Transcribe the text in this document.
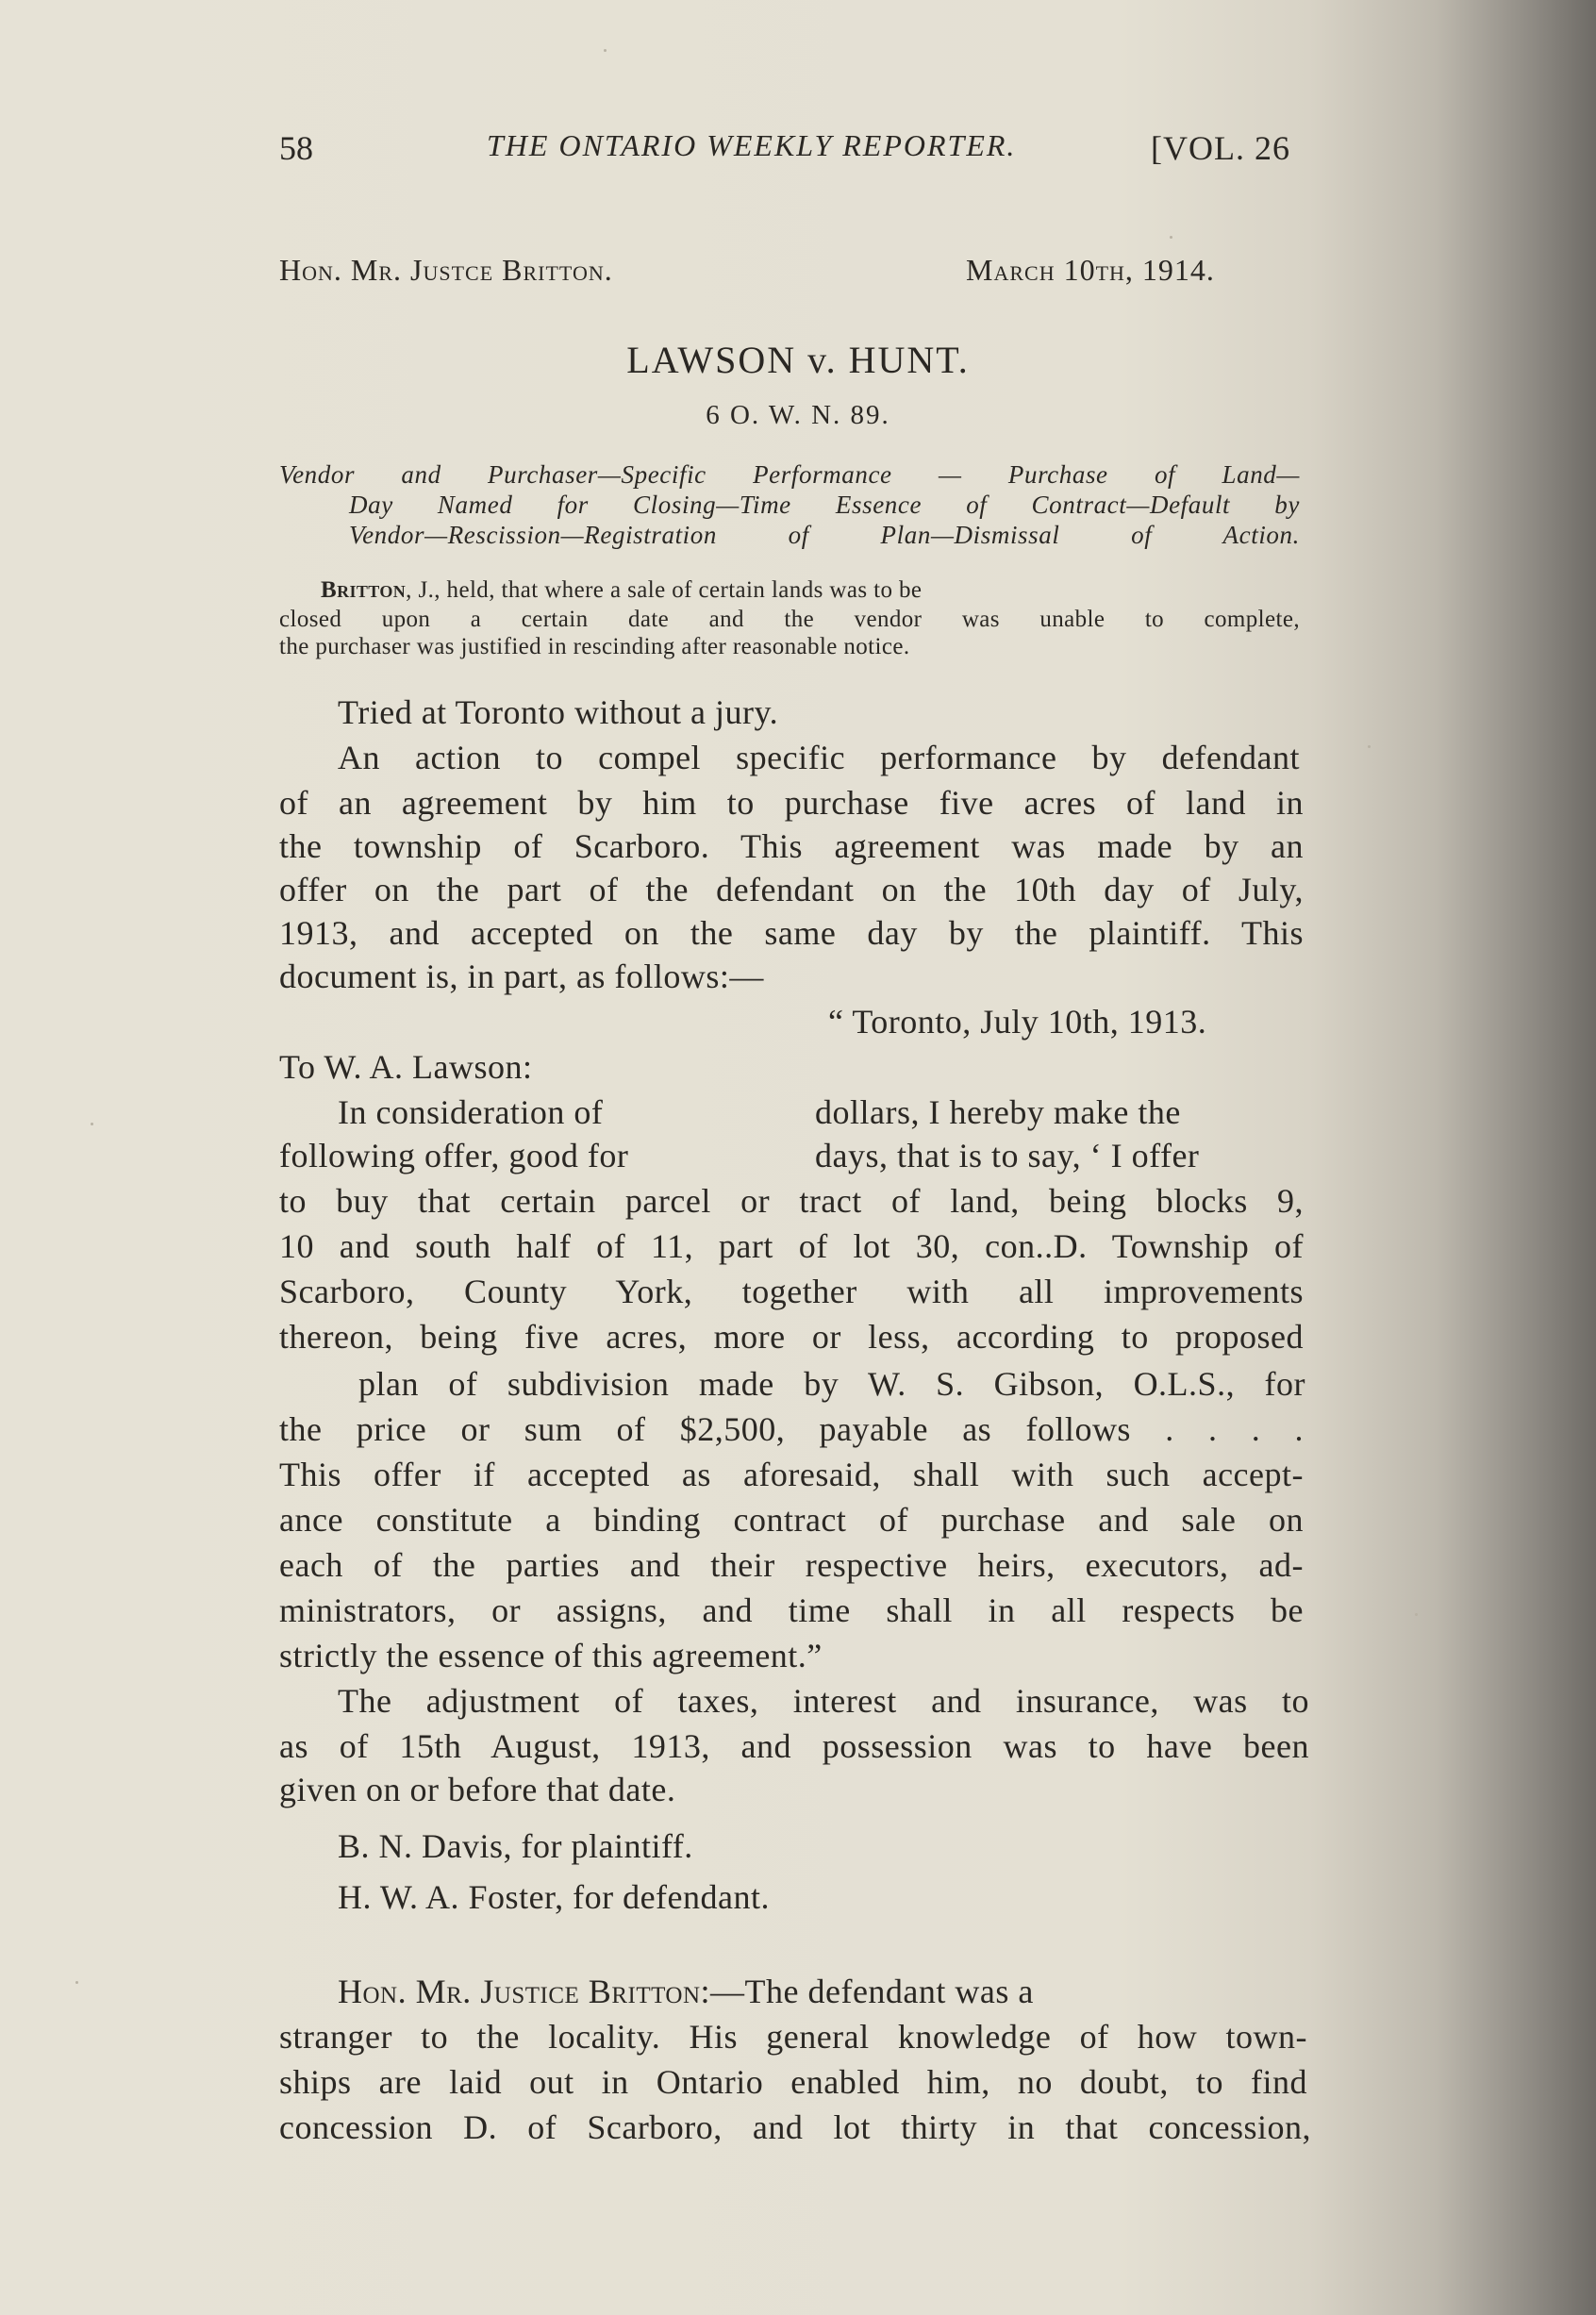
58	THE ONTARIO WEEKLY REPORTER.	[VOL. 26
Hon. Mr. Justce Britton.	March 10th, 1914.
LAWSON v. HUNT.
6 O. W. N. 89.
Vendor and Purchaser—Specific Performance — Purchase of Land—
Day Named for Closing—Time Essence of Contract—Default by
Vendor—Rescission—Registration of Plan—Dismissal of Action.
Britton, J., held, that where a sale of certain lands was to be
closed upon a certain date and the vendor was unable to complete,
the purchaser was justified in rescinding after reasonable notice.
Tried at Toronto without a jury.
An action to compel specific performance by defendant
of an agreement by him to purchase five acres of land in
the township of Scarboro. This agreement was made by an
offer on the part of the defendant on the 10th day of July,
1913, and accepted on the same day by the plaintiff. This
document is, in part, as follows:—
“ Toronto, July 10th, 1913.
To W. A. Lawson:
In consideration of	dollars, I hereby make the
following offer, good for	days, that is to say, ‘ I offer
to buy that certain parcel or tract of land, being blocks 9,
10 and south half of 11, part of lot 30, con..D. Township of
Scarboro, County York, together with all improvements
thereon, being five acres, more or less, according to proposed
plan of subdivision made by W. S. Gibson, O.L.S., for
the price or sum of $2,500, payable as follows . . . .
This offer if accepted as aforesaid, shall with such accept-
ance constitute a binding contract of purchase and sale on
each of the parties and their respective heirs, executors, ad-
ministrators, or assigns, and time shall in all respects be
strictly the essence of this agreement.”
The adjustment of taxes, interest and insurance, was to
as of 15th August, 1913, and possession was to have been
given on or before that date.
B. N. Davis, for plaintiff.
H. W. A. Foster, for defendant.
Hon. Mr. Justice Britton:—The defendant was a
stranger to the locality. His general knowledge of how town-
ships are laid out in Ontario enabled him, no doubt, to find
concession D. of Scarboro, and lot thirty in that concession,
